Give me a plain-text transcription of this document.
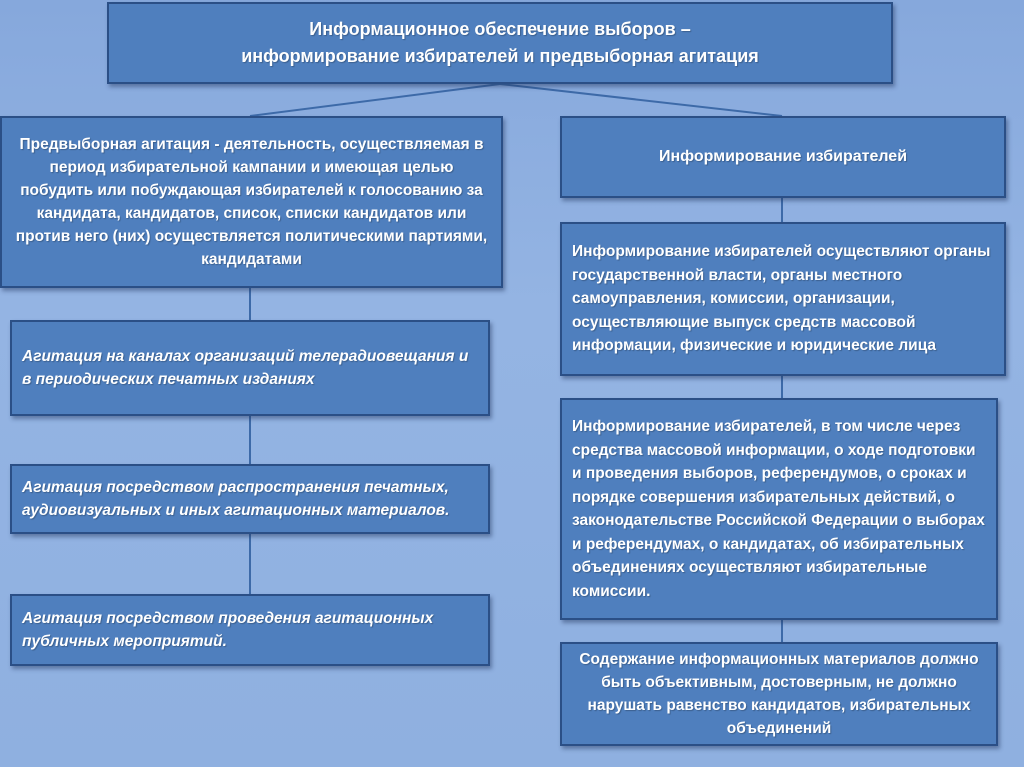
Информационное обеспечение выборов –
информирование избирателей и предвыборная агитация
Предвыборная агитация - деятельность, осуществляемая в период избирательной кампании и имеющая целью побудить или побуждающая избирателей к голосованию за кандидата, кандидатов, список, списки кандидатов или против него (них) осуществляется политическими партиями, кандидатами
Агитация на каналах организаций телерадиовещания и в периодических печатных изданиях
Агитация посредством распространения печатных, аудиовизуальных и иных агитационных материалов.
Агитация посредством проведения агитационных публичных мероприятий.
Информирование избирателей
Информирование избирателей осуществляют органы государственной власти, органы местного самоуправления, комиссии, организации, осуществляющие выпуск средств массовой информации, физические и юридические лица
Информирование избирателей, в том числе через средства массовой информации, о ходе подготовки и проведения выборов, референдумов, о сроках и порядке совершения избирательных действий, о законодательстве Российской Федерации о выборах и референдумах, о кандидатах, об избирательных объединениях осуществляют избирательные комиссии.
Содержание информационных материалов должно быть объективным, достоверным, не должно нарушать равенство кандидатов, избирательных объединений
